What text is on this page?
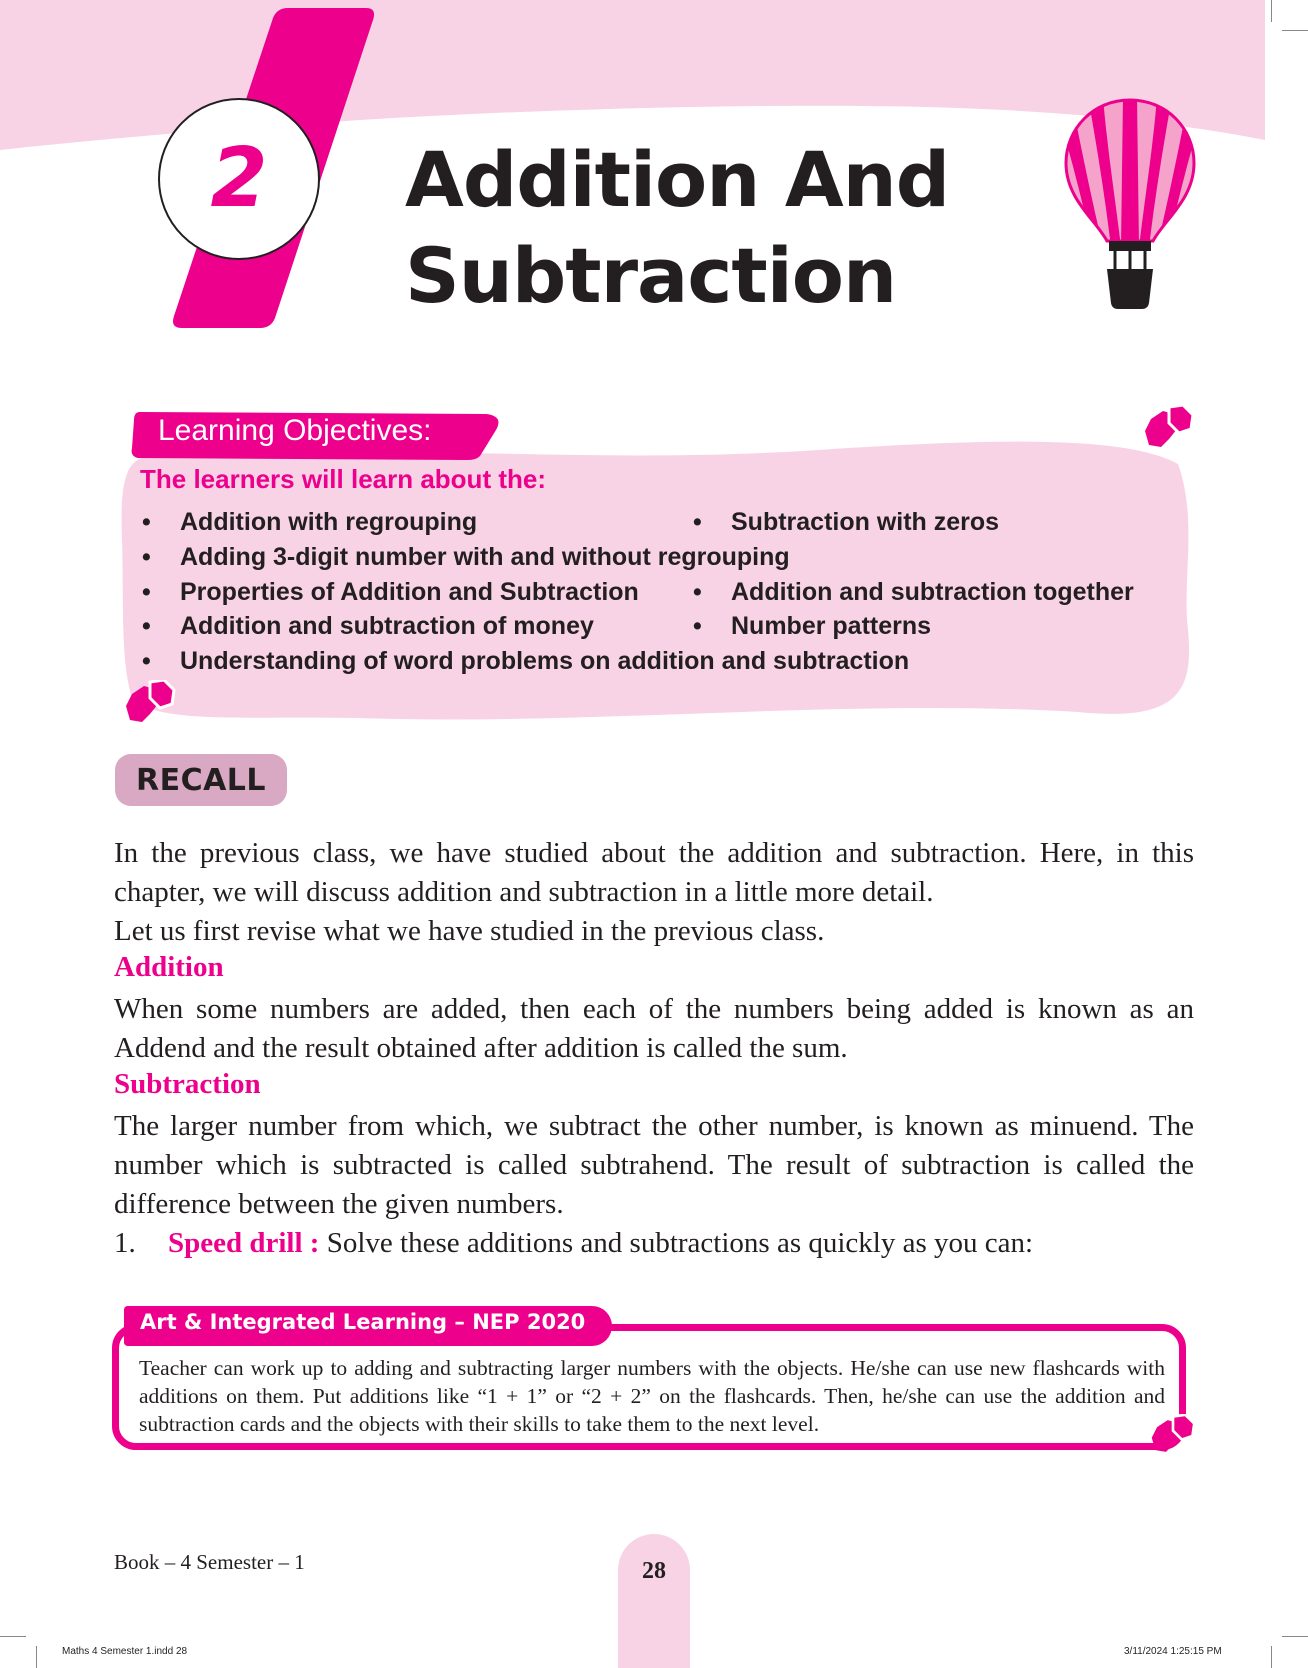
2 Addition And
Subtraction
Learning Objectives:
The learners will learn about the:
• Addition with regrouping	• Subtraction with zeros
• Adding 3-digit number with and without regrouping
• Properties of Addition and Subtraction • Addition and subtraction together
• Addition and subtraction of money	• Number patterns
• Understanding of word problems on addition and subtraction
RECALL
In the previous class, we have studied about the addition and subtraction. Here, in this chapter, we will discuss addition and subtraction in a little more detail.
Let us first revise what we have studied in the previous class.
Addition
When some numbers are added, then each of the numbers being added is known as an Addend and the result obtained after addition is called the sum.
Subtraction
The larger number from which, we subtract the other number, is known as minuend. The number which is subtracted is called subtrahend. The result of subtraction is called the difference between the given numbers.
1. Speed drill : Solve these additions and subtractions as quickly as you can:
Art & Integrated Learning – NEP 2020
Teacher can work up to adding and subtracting larger numbers with the objects. He/she can use new flashcards with additions on them. Put additions like “1 + 1” or “2 + 2” on the flashcards. Then, he/she can use the addition and subtraction cards and the objects with their skills to take them to the next level.
Book – 4 Semester – 1	28
Maths 4 Semester 1.indd 28	3/11/2024 1:25:15 PM
